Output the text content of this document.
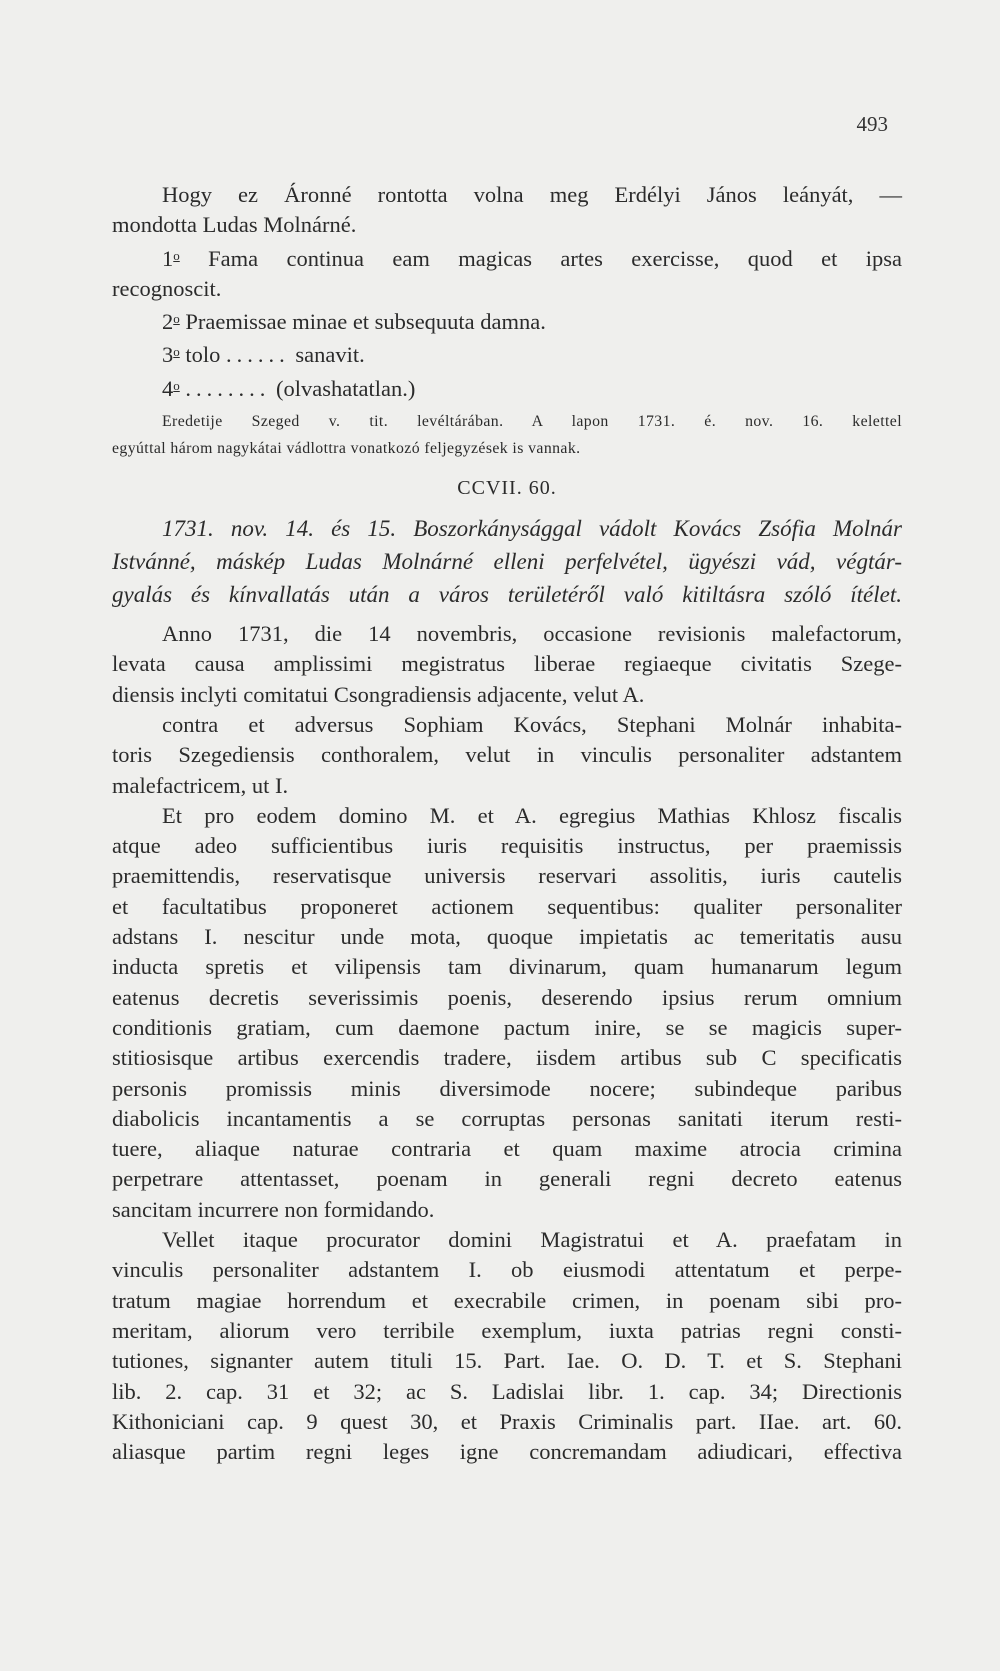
493
Hogy ez Áronné rontotta volna meg Erdélyi János leányát, —
mondotta Ludas Molnárné.
1$^o$ Fama continua eam magicas artes exercisse, quod et ipsa
recognoscit.
2$^o$ Praemissae minae et subsequuta damna.
3$^o$ tolo ...... sanavit.
4$^o$ ........ (olvashatatlan.)
Eredetije Szeged v. tit. levéltárában. A lapon 1731. é. nov. 16. kelettel
egyúttal három nagykátai vádlottra vonatkozó feljegyzések is vannak.
CCVII. 60.
1731. nov. 14. és 15. Boszorkánysággal vádolt Kovács Zsófia Molnár
Istvánné, máskép Ludas Molnárné elleni perfelvétel, ügyészi vád, végtár-
gyalás és kínvallatás után a város területéről való kitiltásra szóló ítélet.
Anno 1731, die 14 novembris, occasione revisionis malefactorum,
levata causa amplissimi megistratus liberae regiaeque civitatis Szege-
diensis inclyti comitatui Csongradiensis adjacente, velut A.
contra et adversus Sophiam Kovács, Stephani Molnár inhabita-
toris Szegediensis conthoralem, velut in vinculis personaliter adstantem
malefactricem, ut I.
Et pro eodem domino M. et A. egregius Mathias Khlosz fiscalis
atque adeo sufficientibus iuris requisitis instructus, per praemissis
praemittendis, reservatisque universis reservari assolitis, iuris cautelis
et facultatibus proponeret actionem sequentibus: qualiter personaliter
adstans I. nescitur unde mota, quoque impietatis ac temeritatis ausu
inducta spretis et vilipensis tam divinarum, quam humanarum legum
eatenus decretis severissimis poenis, deserendo ipsius rerum omnium
conditionis gratiam, cum daemone pactum inire, se se magicis super-
stitiosisque artibus exercendis tradere, iisdem artibus sub C specificatis
personis promissis minis diversimode nocere; subindeque paribus
diabolicis incantamentis a se corruptas personas sanitati iterum resti-
tuere, aliaque naturae contraria et quam maxime atrocia crimina
perpetrare attentasset, poenam in generali regni decreto eatenus
sancitam incurrere non formidando.
Vellet itaque procurator domini Magistratui et A. praefatam in
vinculis personaliter adstantem I. ob eiusmodi attentatum et perpe-
tratum magiae horrendum et execrabile crimen, in poenam sibi pro-
meritam, aliorum vero terribile exemplum, iuxta patrias regni consti-
tutiones, signanter autem tituli 15. Part. Iae. O. D. T. et S. Stephani
lib. 2. cap. 31 et 32; ac S. Ladislai libr. 1. cap. 34; Directionis
Kithoniciani cap. 9 quest 30, et Praxis Criminalis part. IIae. art. 60.
aliasque partim regni leges igne concremandam adiudicari, effectiva
